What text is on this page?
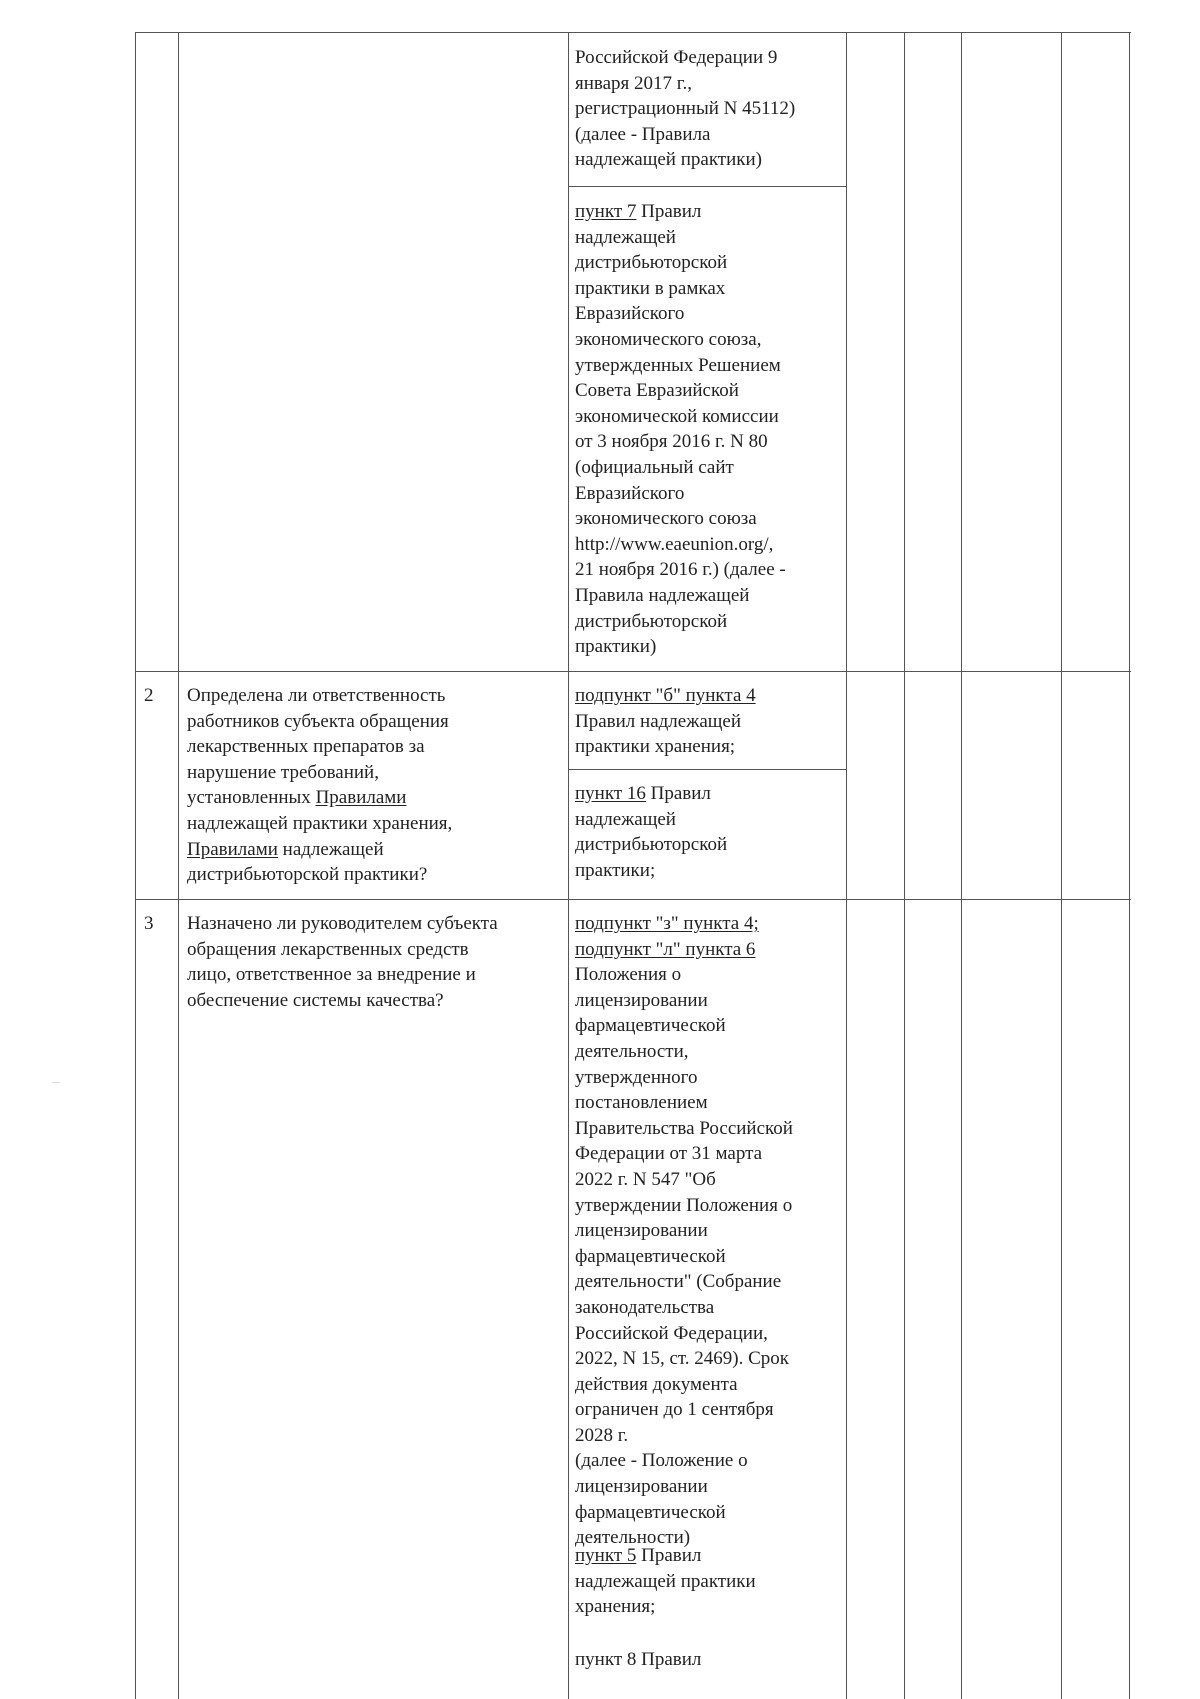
Российской Федерации 9
января 2017 г.,
регистрационный N 45112)
(далее - Правила
надлежащей практики)
пункт 7 Правил
надлежащей
дистрибьюторской
практики в рамках
Евразийского
экономического союза,
утвержденных Решением
Совета Евразийской
экономической комиссии
от 3 ноября 2016 г. N 80
(официальный сайт
Евразийского
экономического союза
http://www.eaeunion.org/,
21 ноября 2016 г.) (далее -
Правила надлежащей
дистрибьюторской
практики)
2 Определена ли ответственность
работников субъекта обращения
лекарственных препаратов за
нарушение требований,
установленных Правилами
надлежащей практики хранения,
Правилами надлежащей
дистрибьюторской практики?
подпункт "б" пункта 4
Правил надлежащей
практики хранения;
пункт 16 Правил
надлежащей
дистрибьюторской
практики;
3 Назначено ли руководителем субъекта
обращения лекарственных средств
лицо, ответственное за внедрение и
обеспечение системы качества?
подпункт "з" пункта 4;
подпункт "л" пункта 6
Положения о
лицензировании
фармацевтической
деятельности,
утвержденного
постановлением
Правительства Российской
Федерации от 31 марта
2022 г. N 547 "Об
утверждении Положения о
лицензировании
фармацевтической
деятельности" (Собрание
законодательства
Российской Федерации,
2022, N 15, ст. 2469). Срок
действия документа
ограничен до 1 сентября
2028 г.
(далее - Положение о
лицензировании
фармацевтической
деятельности)
пункт 5 Правил
надлежащей практики
хранения;
пункт 8 Правил
